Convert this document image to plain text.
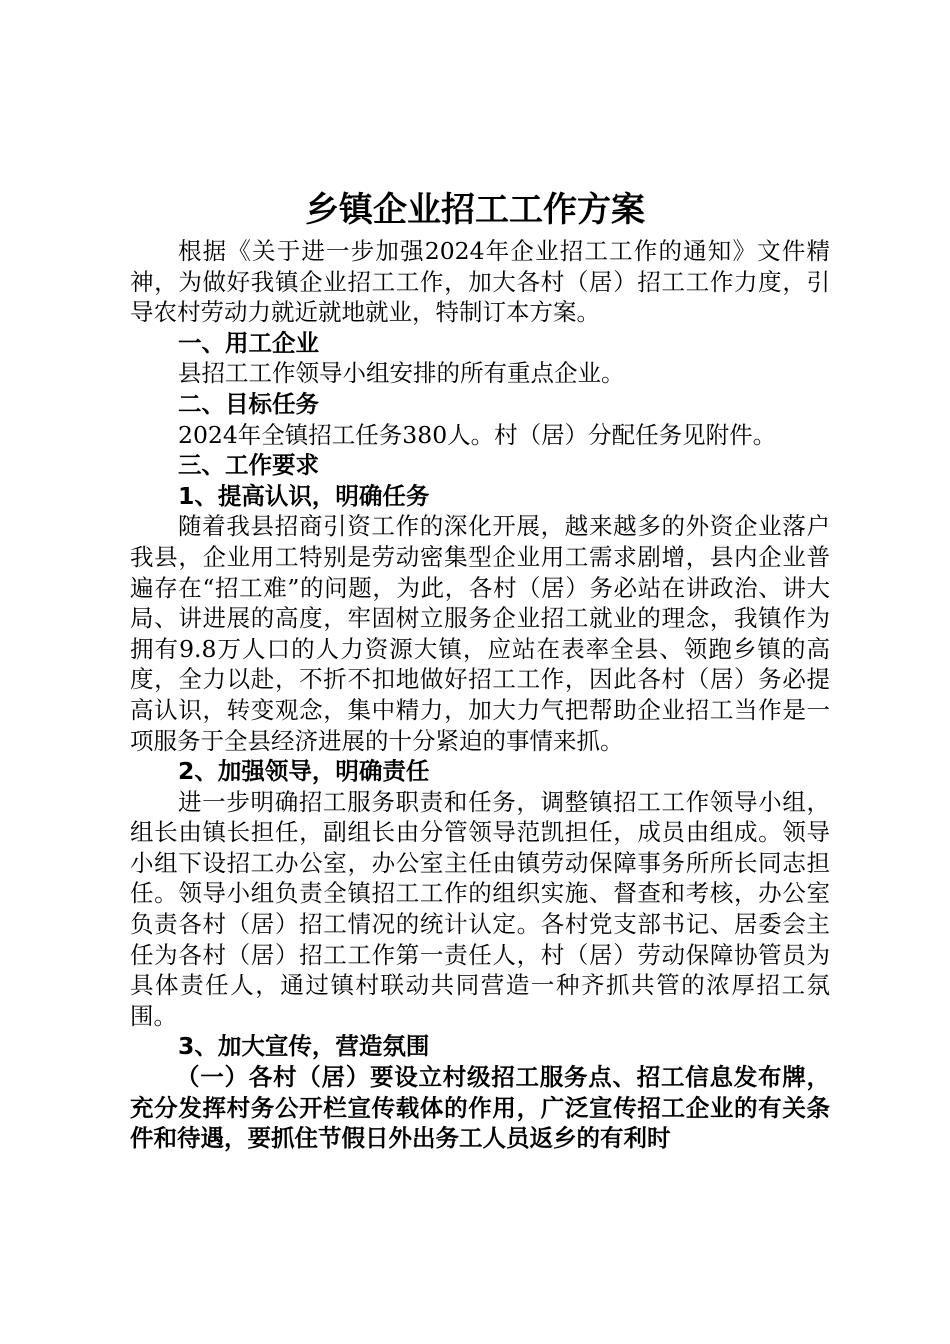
乡镇企业招工工作方案

根据《关于进一步加强2024年企业招工工作的通知》文件精神，为做好我镇企业招工工作，加大各村（居）招工工作力度，引导农村劳动力就近就地就业，特制订本方案。

一、用工企业

县招工工作领导小组安排的所有重点企业。

二、目标任务

2024年全镇招工任务380人。村（居）分配任务见附件。

三、工作要求

1、提高认识，明确任务

随着我县招商引资工作的深化开展，越来越多的外资企业落户我县，企业用工特别是劳动密集型企业用工需求剧增，县内企业普遍存在“招工难”的问题，为此，各村（居）务必站在讲政治、讲大局、讲进展的高度，牢固树立服务企业招工就业的理念，我镇作为拥有9.8万人口的人力资源大镇，应站在表率全县、领跑乡镇的高度，全力以赴，不折不扣地做好招工工作，因此各村（居）务必提高认识，转变观念，集中精力，加大力气把帮助企业招工当作是一项服务于全县经济进展的十分紧迫的事情来抓。

2、加强领导，明确责任

进一步明确招工服务职责和任务，调整镇招工工作领导小组，组长由镇长担任，副组长由分管领导范凯担任，成员由组成。领导小组下设招工办公室，办公室主任由镇劳动保障事务所所长同志担任。领导小组负责全镇招工工作的组织实施、督查和考核，办公室负责各村（居）招工情况的统计认定。各村党支部书记、居委会主任为各村（居）招工工作第一责任人，村（居）劳动保障协管员为具体责任人，通过镇村联动共同营造一种齐抓共管的浓厚招工氛围。

3、加大宣传，营造氛围

（一）各村（居）要设立村级招工服务点、招工信息发布牌，充分发挥村务公开栏宣传载体的作用，广泛宣传招工企业的有关条件和待遇，要抓住节假日外出务工人员返乡的有利时
